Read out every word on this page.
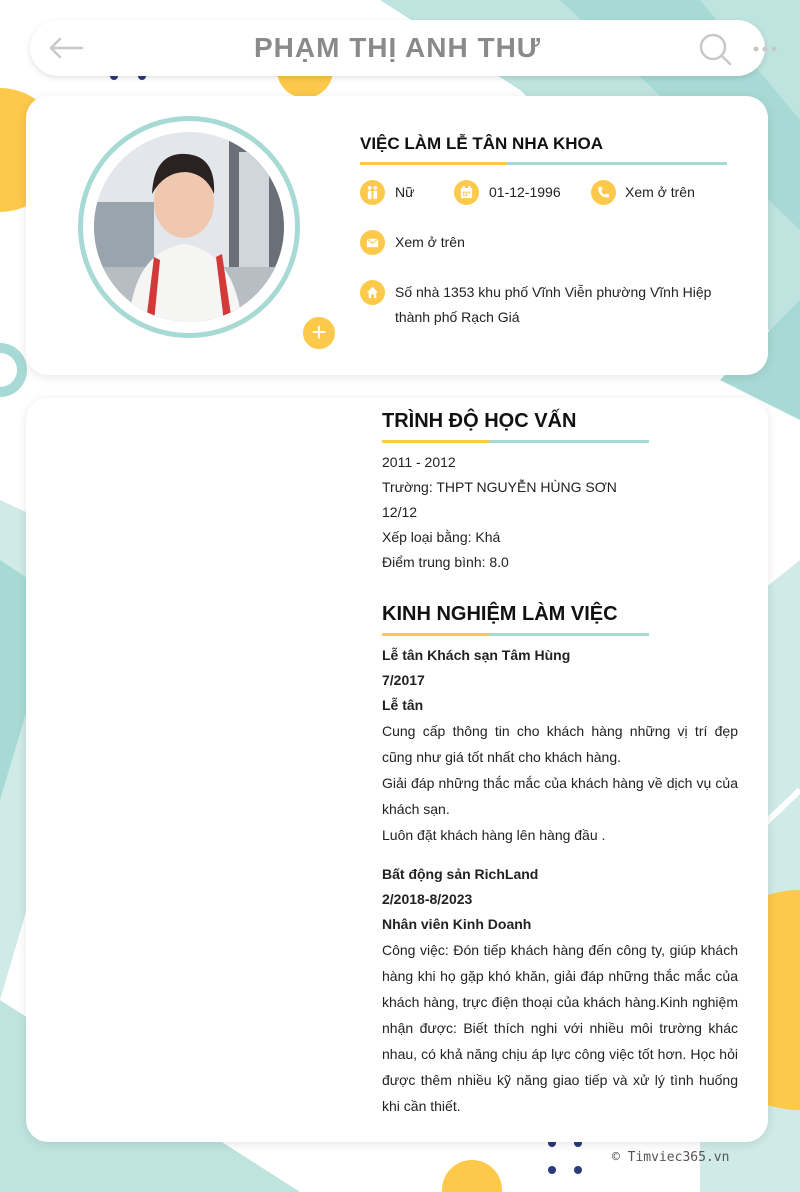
PHẠM THỊ ANH THƯ
+
VIỆC LÀM LỄ TÂN NHA KHOA
Nữ	01-12-1996	Xem ở trên
Xem ở trên
Số nhà 1353 khu phố Vĩnh Viễn phường Vĩnh Hiệp
thành phố Rạch Giá
TRÌNH ĐỘ HỌC VẤN
2011 - 2012
Trường: THPT NGUYỄN HÙNG SƠN
12/12
Xếp loại bằng: Khá
Điểm trung bình: 8.0
KINH NGHIỆM LÀM VIỆC
Lễ tân Khách sạn Tâm Hùng
7/2017
Lễ tân
Cung cấp thông tin cho khách hàng những vị trí đẹp cũng như giá tốt nhất cho khách hàng.
Giải đáp những thắc mắc của khách hàng về dịch vụ của khách sạn.
Luôn đặt khách hàng lên hàng đầu .
Bất động sản RichLand
2/2018-8/2023
Nhân viên Kinh Doanh
Công việc: Đón tiếp khách hàng đến công ty, giúp khách hàng khi họ gặp khó khăn, giải đáp những thắc mắc của khách hàng, trực điện thoại của khách hàng.Kinh nghiệm nhận được: Biết thích nghi với nhiều môi trường khác nhau, có khả năng chịu áp lực công việc tốt hơn. Học hỏi được thêm nhiều kỹ năng giao tiếp và xử lý tình huống khi cần thiết.
© Timviec365.vn
